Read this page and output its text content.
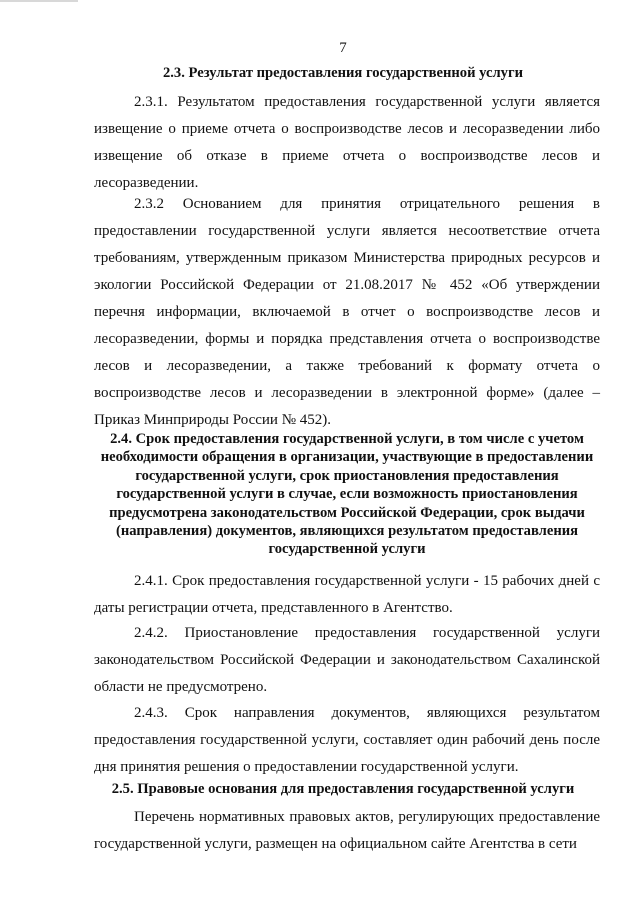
7
2.3. Результат предоставления государственной услуги
2.3.1. Результатом предоставления государственной услуги является извещение о приеме отчета о воспроизводстве лесов и лесоразведении либо извещение об отказе в приеме отчета о воспроизводстве лесов и лесоразведении.
2.3.2 Основанием для принятия отрицательного решения в предоставлении государственной услуги является несоответствие отчета требованиям, утвержденным приказом Министерства природных ресурсов и экологии Российской Федерации от 21.08.2017 № 452 «Об утверждении перечня информации, включаемой в отчет о воспроизводстве лесов и лесоразведении, формы и порядка представления отчета о воспроизводстве лесов и лесоразведении, а также требований к формату отчета о воспроизводстве лесов и лесоразведении в электронной форме» (далее – Приказ Минприроды России № 452).
2.4. Срок предоставления государственной услуги, в том числе с учетом необходимости обращения в организации, участвующие в предоставлении государственной услуги, срок приостановления предоставления государственной услуги в случае, если возможность приостановления предусмотрена законодательством Российской Федерации, срок выдачи (направления) документов, являющихся результатом предоставления государственной услуги
2.4.1. Срок предоставления государственной услуги - 15 рабочих дней с даты регистрации отчета, представленного в Агентство.
2.4.2. Приостановление предоставления государственной услуги законодательством Российской Федерации и законодательством Сахалинской области не предусмотрено.
2.4.3. Срок направления документов, являющихся результатом предоставления государственной услуги, составляет один рабочий день после дня принятия решения о предоставлении государственной услуги.
2.5. Правовые основания для предоставления государственной услуги
Перечень нормативных правовых актов, регулирующих предоставление государственной услуги, размещен на официальном сайте Агентства в сети
